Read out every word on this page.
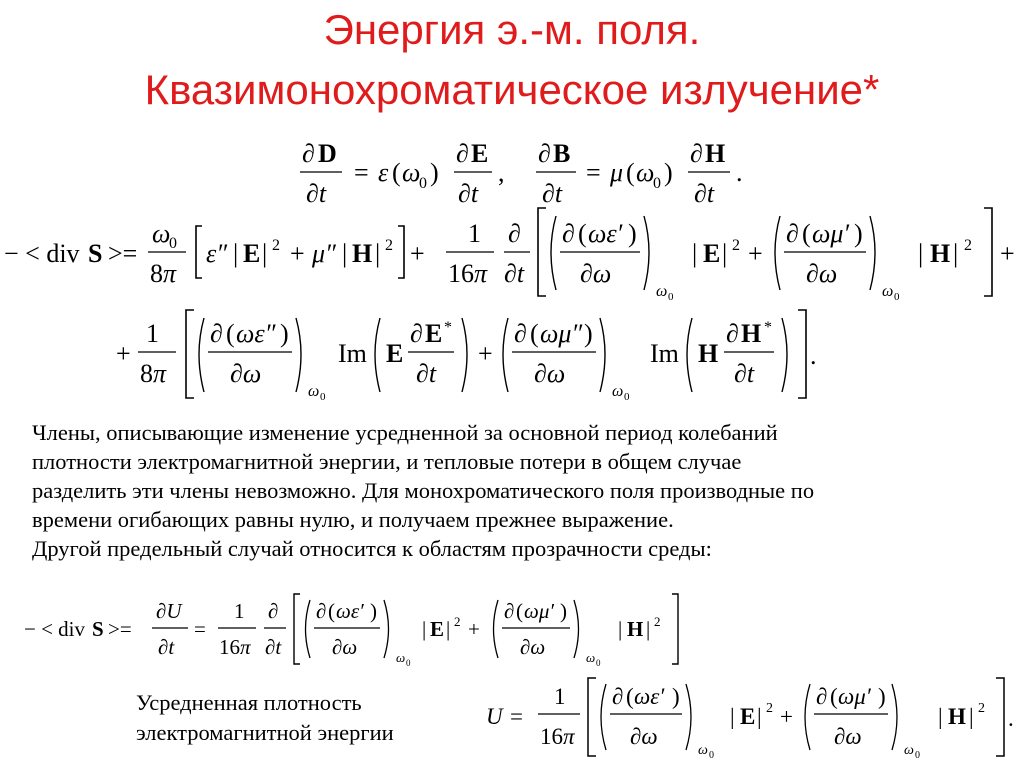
Энергия э.-м. поля.
Квазимонохроматическое излучение*
∂ D
∂t
= ε ( ω
0 )
∂ E
∂t
,
∂ B
∂t
= μ ( ω
0 )
∂ H
∂t
.
− < div S >=
ω
0
8π
ε″ | E | 2 + μ″ | H | 2 +
1
16π
∂
∂t
∂ ( ωε′ )
∂ω
ω 0
| E | 2 +
∂ ( ωμ′ )
∂ω
ω 0
| H | 2 +
+
1
8π
∂ ( ωε″ )
∂ω
ω 0
Im E
∂ E *
∂t
+
∂ ( ωμ″ )
∂ω
ω 0
Im H
∂ H *
∂t
.
Члены, описывающие изменение усредненной за основной период колебаний
плотности электромагнитной энергии, и тепловые потери в общем случае
разделить эти члены невозможно. Для монохроматического поля производные по
времени огибающих равны нулю, и получаем прежнее выражение.
Другой предельный случай относится к областям прозрачности среды:
− < div S >=
∂U
∂t
=
1
16π
∂
∂t
∂ ( ωε′ )
∂ω	ω 0
| E | 2 +
∂ ( ωμ′ )
∂ω	ω 0
| H | 2
Усредненная плотность
электромагнитной энергии
U =
1
16π
∂ ( ωε′ )
∂ω
ω 0
| E | 2 +
∂ ( ωμ′ )
∂ω
ω 0
| H | 2 .
